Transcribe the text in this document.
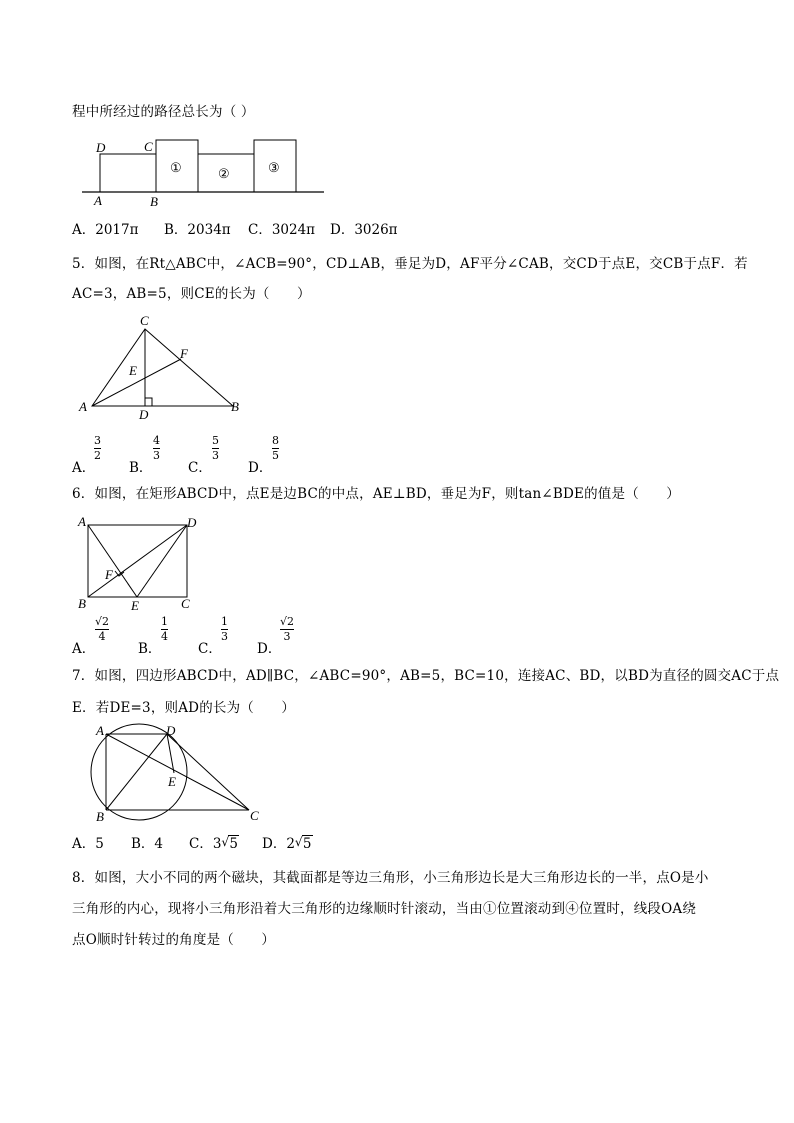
程中所经过的路径总长为（ ）
D	C
A	B
①	②	③
A．2017π B．2034π C．3024π D．3026π
5．如图，在Rt△ABC中，∠ACB=90°，CD⊥AB，垂足为D，AF平分∠CAB，交CD于点E，交CB于点F．若
AC=3，AB=5，则CE的长为（　　）
C
F
E
A
D
B
A．
3
2
B．
4
3
C．
5
3
D．
8
5
6．如图，在矩形ABCD中，点E是边BC的中点，AE⊥BD，垂足为F，则tan∠BDE的值是（　　）
A	D
F
B	E	C
A．
√2
4
B．
1
4
C．
1
3
D．
√2
3
7．如图，四边形ABCD中，AD∥BC，∠ABC=90°，AB=5，BC=10，连接AC、BD，以BD为直径的圆交AC于点
E．若DE=3，则AD的长为（　　）
A	D
E
B	C
A．5 B．4 C．3 √ 5 D．2 √ 5
8．如图，大小不同的两个磁块，其截面都是等边三角形，小三角形边长是大三角形边长的一半，点O是小
三角形的内心，现将小三角形沿着大三角形的边缘顺时针滚动，当由①位置滚动到④位置时，线段OA绕
点O顺时针转过的角度是（　　）
